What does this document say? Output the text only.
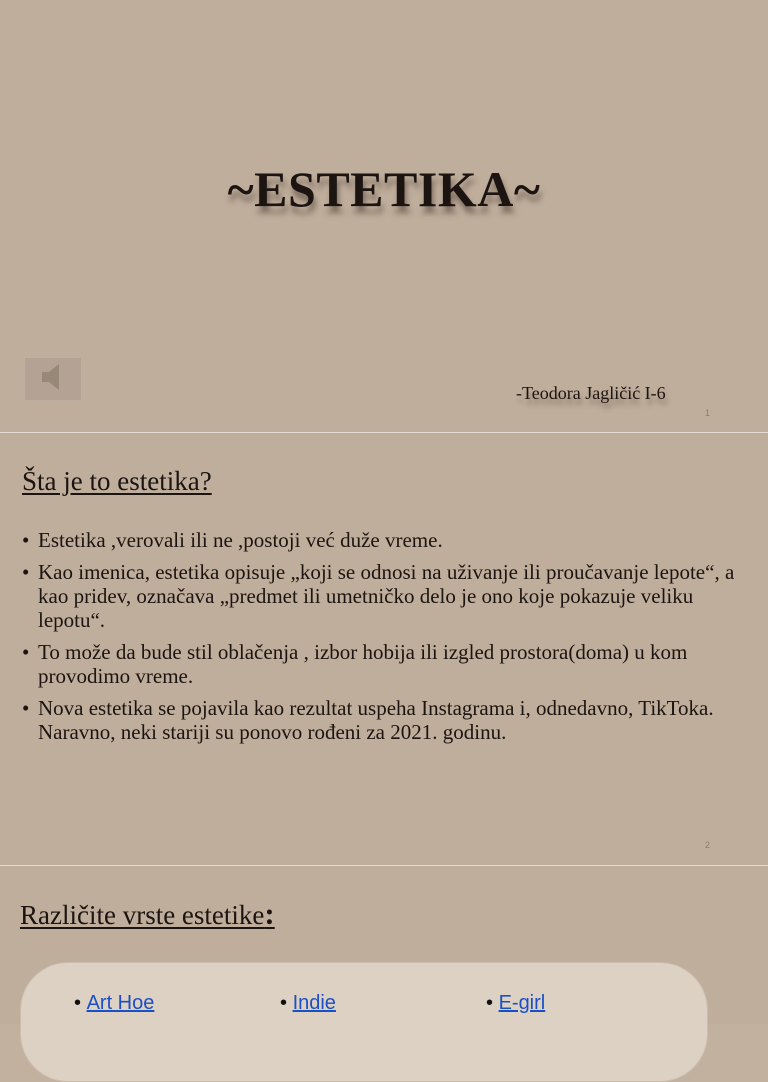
~ESTETIKA~
-Teodora Jagličić I-6
1
2
Šta je to estetika?
• Estetika ,verovali ili ne ,postoji već duže vreme.
• Kao imenica, estetika opisuje „koji se odnosi na uživanje ili proučavanje lepote“, a kao pridev, označava „predmet ili umetničko delo je ono koje pokazuje veliku lepotu“.
• To može da bude stil oblačenja , izbor hobija ili izgled prostora(doma) u kom provodimo vreme.
• Nova estetika se pojavila kao rezultat uspeha Instagrama i, odnedavno, TikToka. Naravno, neki stariji su ponovo rođeni za 2021. godinu.
Različite vrste estetike:
• Art Hoe	• Indie	• E-girl
